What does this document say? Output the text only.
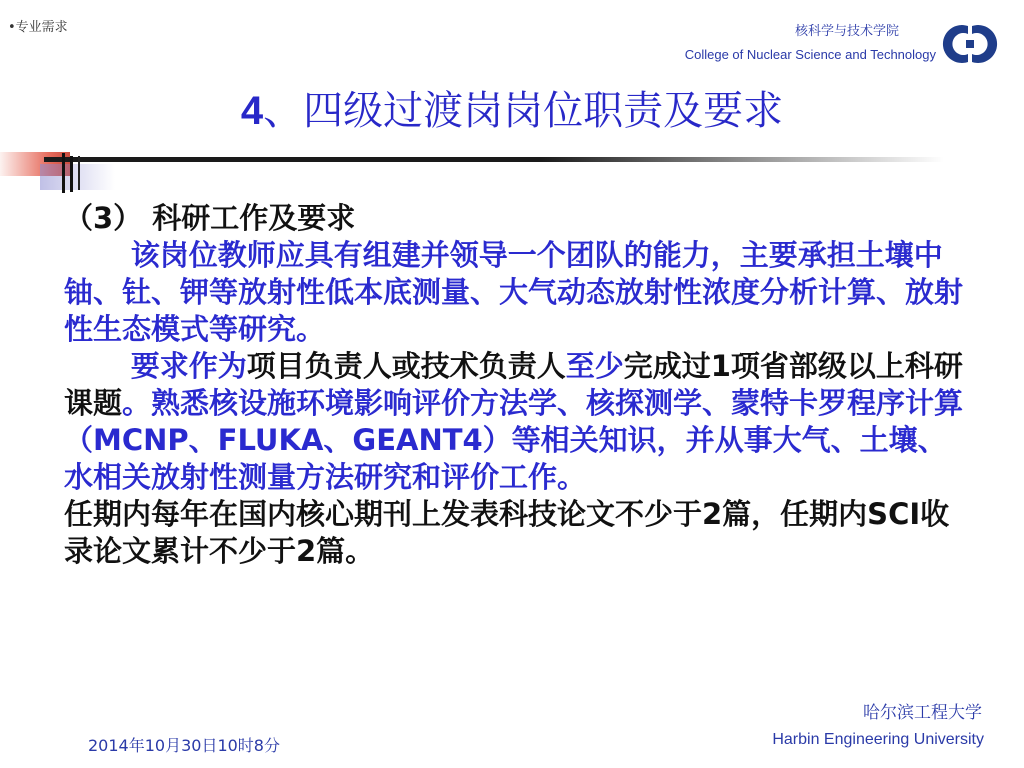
•专业需求	核科学与技术学院
College of Nuclear Science and Technology
4、四级过渡岗岗位职责及要求

（3） 科研工作及要求

该岗位教师应具有组建并领导一个团队的能力，主要承担土壤中铀、钍、钾等放射性低本底测量、大气动态放射性浓度分析计算、放射性生态模式等研究。

要求作为项目负责人或技术负责人至少完成过1项省部级以上科研课题。熟悉核设施环境影响评价方法学、核探测学、蒙特卡罗程序计算（MCNP、FLUKA、GEANT4）等相关知识，并从事大气、土壤、水相关放射性测量方法研究和评价工作。

任期内每年在国内核心期刊上发表科技论文不少于2篇，任期内SCI收录论文累计不少于2篇。

哈尔滨工程大学
Harbin Engineering University
2014年10月30日10时8分
